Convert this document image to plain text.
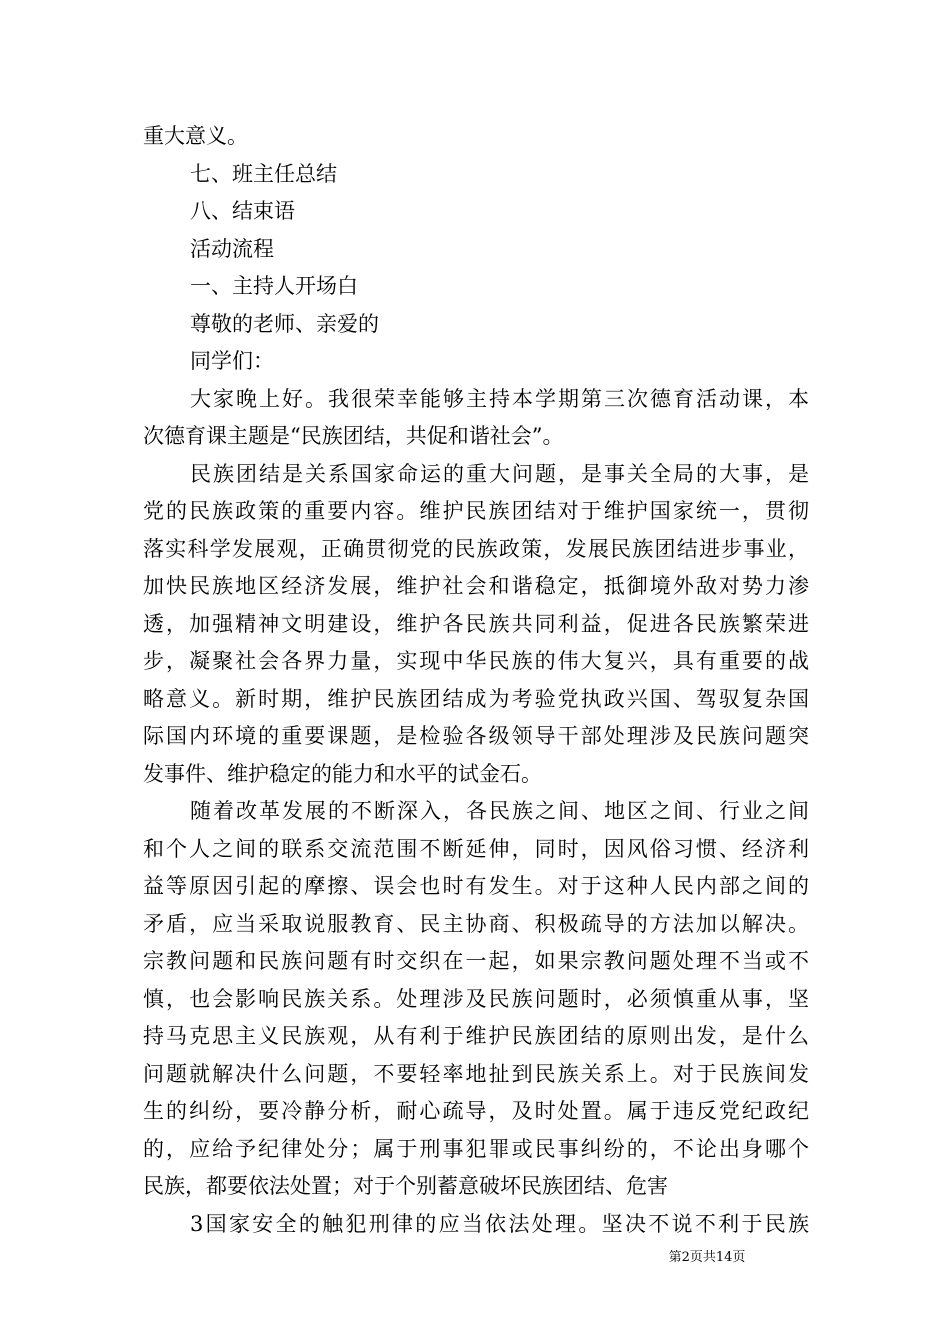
重大意义。
七、班主任总结
八、结束语
活动流程
一、主持人开场白
尊敬的老师、亲爱的
同学们：
大家晚上好。我很荣幸能够主持本学期第三次德育活动课，本
次德育课主题是“民族团结，共促和谐社会”。
民族团结是关系国家命运的重大问题，是事关全局的大事，是
党的民族政策的重要内容。维护民族团结对于维护国家统一，贯彻
落实科学发展观，正确贯彻党的民族政策，发展民族团结进步事业，
加快民族地区经济发展，维护社会和谐稳定，抵御境外敌对势力渗
透，加强精神文明建设，维护各民族共同利益，促进各民族繁荣进
步，凝聚社会各界力量，实现中华民族的伟大复兴，具有重要的战
略意义。新时期，维护民族团结成为考验党执政兴国、驾驭复杂国
际国内环境的重要课题，是检验各级领导干部处理涉及民族问题突
发事件、维护稳定的能力和水平的试金石。
随着改革发展的不断深入，各民族之间、地区之间、行业之间
和个人之间的联系交流范围不断延伸，同时，因风俗习惯、经济利
益等原因引起的摩擦、误会也时有发生。对于这种人民内部之间的
矛盾，应当采取说服教育、民主协商、积极疏导的方法加以解决。
宗教问题和民族问题有时交织在一起，如果宗教问题处理不当或不
慎，也会影响民族关系。处理涉及民族问题时，必须慎重从事，坚
持马克思主义民族观，从有利于维护民族团结的原则出发，是什么
问题就解决什么问题，不要轻率地扯到民族关系上。对于民族间发
生的纠纷，要冷静分析，耐心疏导，及时处置。属于违反党纪政纪
的，应给予纪律处分；属于刑事犯罪或民事纠纷的，不论出身哪个
民族，都要依法处置；对于个别蓄意破坏民族团结、危害
3国家安全的触犯刑律的应当依法处理。坚决不说不利于民族
第2页共14页
